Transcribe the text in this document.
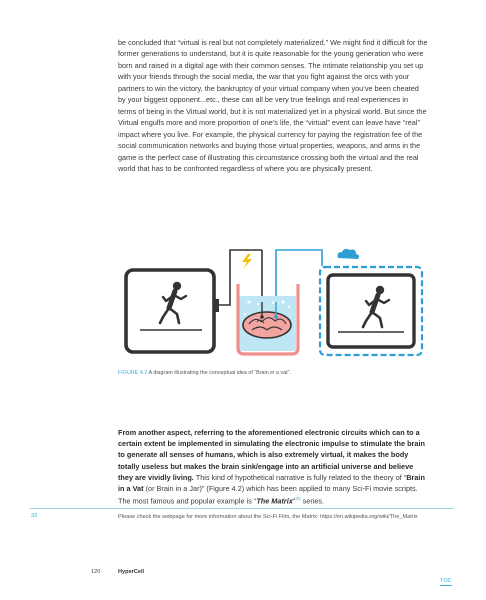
be concluded that “virtual is real but not completely materialized.” We might find it difficult for the former generations to understand, but it is quite reasonable for the young generation who were born and raised in a digital age with their common senses. The intimate relationship you set up with your friends through the social media, the war that you fight against the orcs with your partners to win the victory, the bankruptcy of your virtual company when you’ve been cheated by your biggest opponent...etc., these can all be very true feelings and real experiences in terms of being in the Virtual world, but it is not materialized yet in a physical world. But since the Virtual engulfs more and more proportion of one’s life, the “virtual” event can leave have “real” impact where you live. For example, the physical currency for paying the registration fee of the social communication networks and buying those virtual properties, weapons, and arms in the game is the perfect case of illustrating this circumstance crossing both the virtual and the real world that has to be confronted regardless of where you are physically present.

FIGURE 4.2 A diagram illustrating the conceptual idea of “Brain in a vat”.

From another aspect, referring to the aforementioned electronic circuits which can to a certain extent be implemented in simulating the electronic impulse to stimulate the brain to generate all senses of humans, which is also extremely virtual, it makes the body totally useless but makes the brain sink/engage into an artificial universe and believe they are vividly living. This kind of hypothetical narrative is fully related to the theory of “Brain in a Vat (or Brain in a Jar)” (Figure 4.2) which has been applied to many Sci-Fi movie scripts. The most famous and popular example is “The Matrix”$^{33}$ series.

33	Please check the webpage for more information about the Sci-Fi Film, the Matrix: https://en.wikipedia.org/wiki/The_Matrix

120	HyperCell
TOC
